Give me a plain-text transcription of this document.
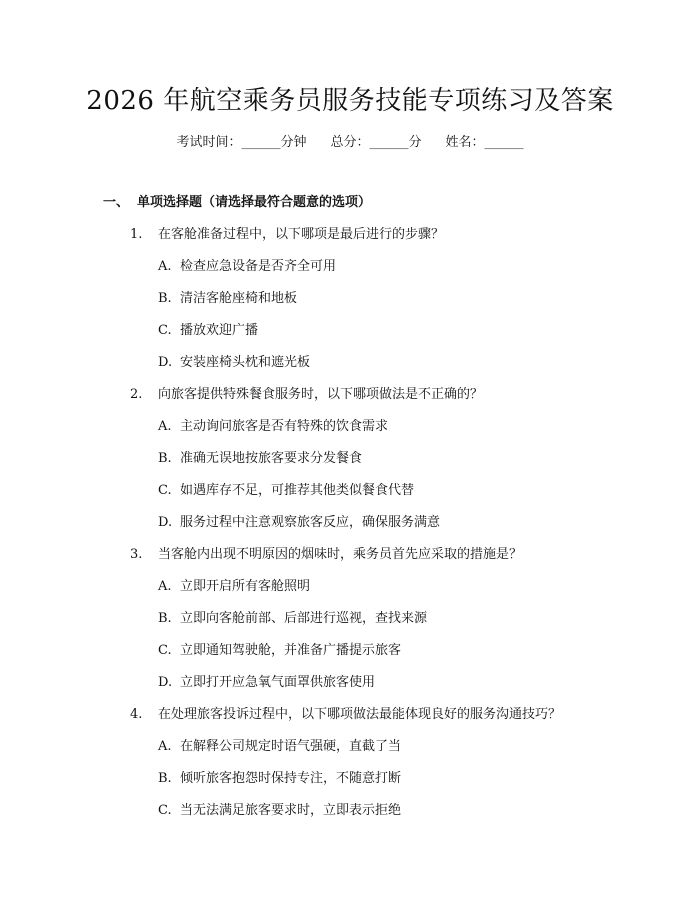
2026 年航空乘务员服务技能专项练习及答案
考试时间：______分钟 总分：______分 姓名：______
一、 单项选择题（请选择最符合题意的选项）
1. 在客舱准备过程中，以下哪项是最后进行的步骤？
A. 检查应急设备是否齐全可用
B. 清洁客舱座椅和地板
C. 播放欢迎广播
D. 安装座椅头枕和遮光板
2. 向旅客提供特殊餐食服务时，以下哪项做法是不正确的？
A. 主动询问旅客是否有特殊的饮食需求
B. 准确无误地按旅客要求分发餐食
C. 如遇库存不足，可推荐其他类似餐食代替
D. 服务过程中注意观察旅客反应，确保服务满意
3. 当客舱内出现不明原因的烟味时，乘务员首先应采取的措施是？
A. 立即开启所有客舱照明
B. 立即向客舱前部、后部进行巡视，查找来源
C. 立即通知驾驶舱，并准备广播提示旅客
D. 立即打开应急氧气面罩供旅客使用
4. 在处理旅客投诉过程中，以下哪项做法最能体现良好的服务沟通技巧？
A. 在解释公司规定时语气强硬，直截了当
B. 倾听旅客抱怨时保持专注，不随意打断
C. 当无法满足旅客要求时，立即表示拒绝
